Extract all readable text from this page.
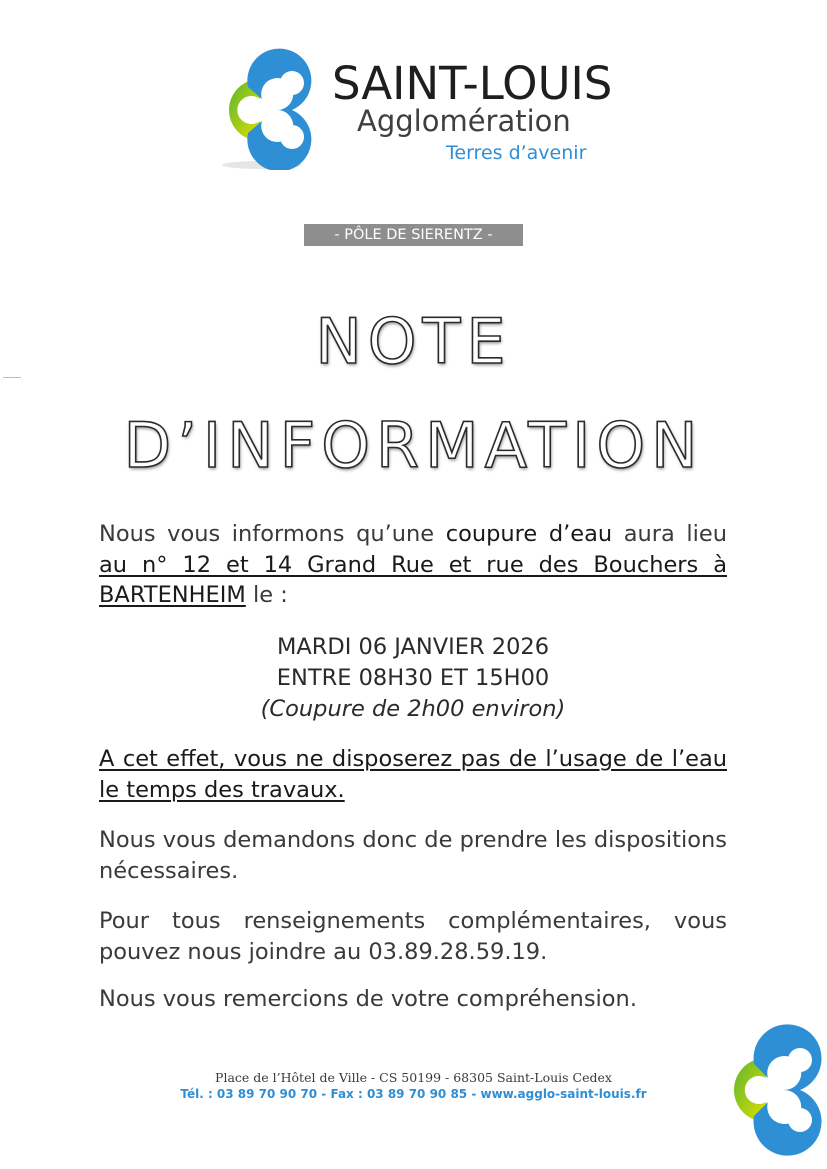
SAINT-LOUIS
Agglomération
Terres d’avenir
- PÔLE DE SIERENTZ -
NOTE
D’INFORMATION
Nous vous informons qu’une coupure d’eau aura lieu au n° 12 et 14 Grand Rue et rue des Bouchers à BARTENHEIM le :
MARDI 06 JANVIER 2026
ENTRE 08H30 ET 15H00
(Coupure de 2h00 environ)
A cet effet, vous ne disposerez pas de l’usage de l’eau le temps des travaux.
Nous vous demandons donc de prendre les dispositions nécessaires.
Pour tous renseignements complémentaires, vous pouvez nous joindre au 03.89.28.59.19.
Nous vous remercions de votre compréhension.
Place de l’Hôtel de Ville - CS 50199 - 68305 Saint-Louis Cedex
Tél. : 03 89 70 90 70 - Fax : 03 89 70 90 85 - www.agglo-saint-louis.fr
